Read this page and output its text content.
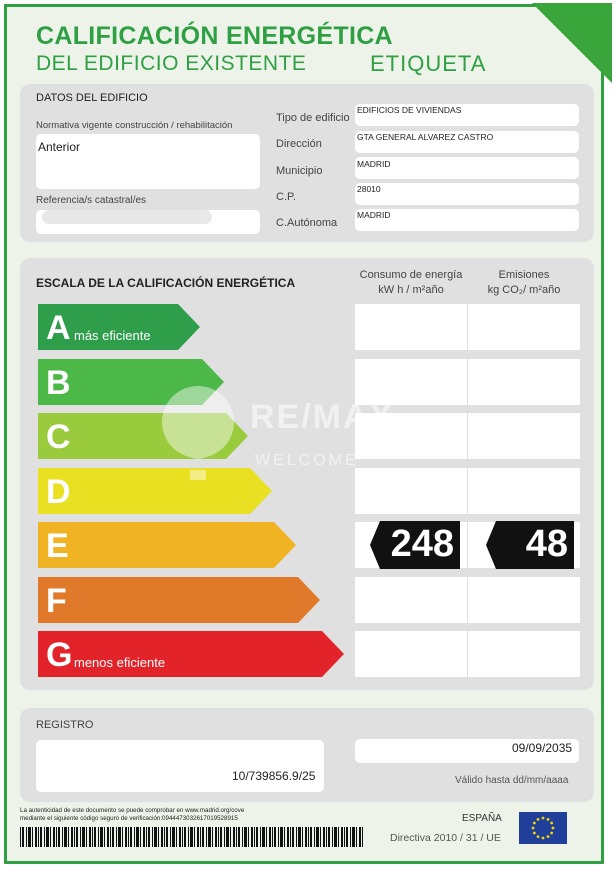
CALIFICACIÓN ENERGÉTICA
DEL EDIFICIO EXISTENTE	ETIQUETA
DATOS DEL EDIFICIO
Normativa vigente construcción / rehabilitación
Anterior
Referencia/s catastral/es
Tipo de edificio
EDIFICIOS DE VIVIENDAS
Dirección
GTA GENERAL ALVAREZ CASTRO
Municipio
MADRID
C.P.
28010
C.Autónoma
MADRID
ESCALA DE LA CALIFICACIÓN ENERGÉTICA
Consumo de energía
kW h / m²año
Emisiones
kg CO₂/ m²año
A más eficiente
B
C
D
E	248 48
F
G menos eficiente
RE/MAX
WELCOME
REGISTRO
10/739856.9/25
09/09/2035
Válido hasta dd/mm/aaaa
La autenticidad de este documento se puede comprobar en www.madrid.org/cove
mediante el siguiente código seguro de verificación:0944473032617019528915	ESPAÑA
Directiva 2010 / 31 / UE
